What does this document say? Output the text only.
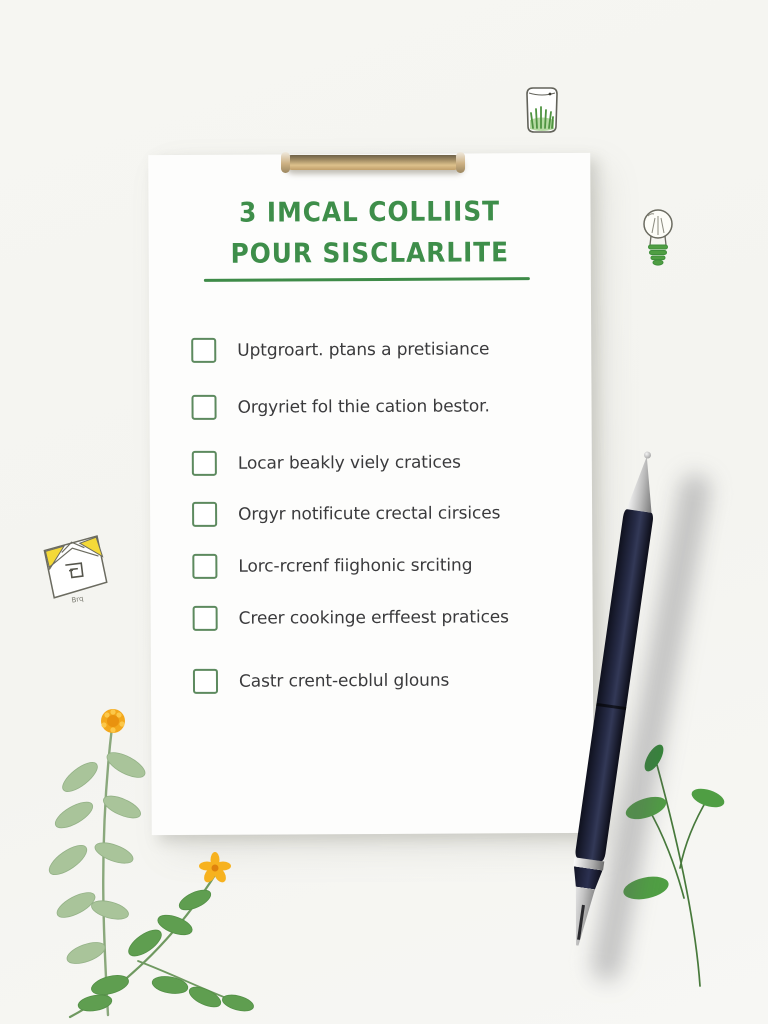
Brq
3 IMCAL COLLIIST
POUR SISCLARLITE
Uptgroart. ptans a pretisiance
Orgyriet fol thie cation bestor.
Locar beakly viely cratices
Orgyr notificute crectal cirsices
Lorc-rcrenf fiighonic srciting
Creer cookinge erffeest pratices
Castr crent-ecblul glouns
